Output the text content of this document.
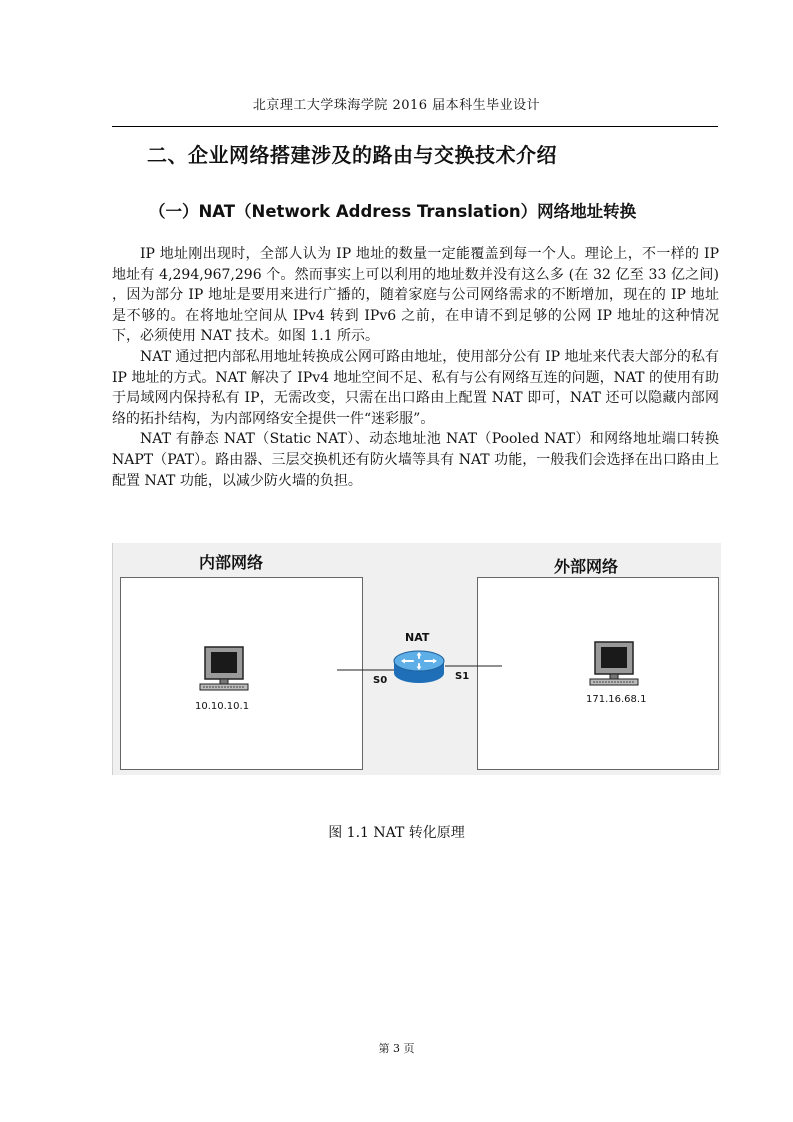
北京理工大学珠海学院 2016 届本科生毕业设计
二、企业网络搭建涉及的路由与交换技术介绍
（一）NAT（Network Address Translation）网络地址转换

IP 地址刚出现时，全部人认为 IP 地址的数量一定能覆盖到每一个人。理论上，不一样的 IP 地址有 4,294,967,296 个。然而事实上可以利用的地址数并没有这么多 (在 32 亿至 33 亿之间) ，因为部分 IP 地址是要用来进行广播的，随着家庭与公司网络需求的不断增加，现在的 IP 地址是不够的。在将地址空间从 IPv4 转到 IPv6 之前，在申请不到足够的公网 IP 地址的这种情况下，必须使用 NAT 技术。如图 1.1 所示。

NAT 通过把内部私用地址转换成公网可路由地址，使用部分公有 IP 地址来代表大部分的私有 IP 地址的方式。NAT 解决了 IPv4 地址空间不足、私有与公有网络互连的问题，NAT 的使用有助于局域网内保持私有 IP，无需改变，只需在出口路由上配置 NAT 即可，NAT 还可以隐藏内部网络的拓扑结构，为内部网络安全提供一件“迷彩服”。

NAT 有静态 NAT（Static NAT）、动态地址池 NAT（Pooled NAT）和网络地址端口转换 NAPT（PAT）。路由器、三层交换机还有防火墙等具有 NAT 功能，一般我们会选择在出口路由上配置 NAT 功能，以减少防火墙的负担。

内部网络
10.10.10.1
外部网络
171.16.68.1
NAT
S0	S1
图 1.1 NAT 转化原理
第 3 页
